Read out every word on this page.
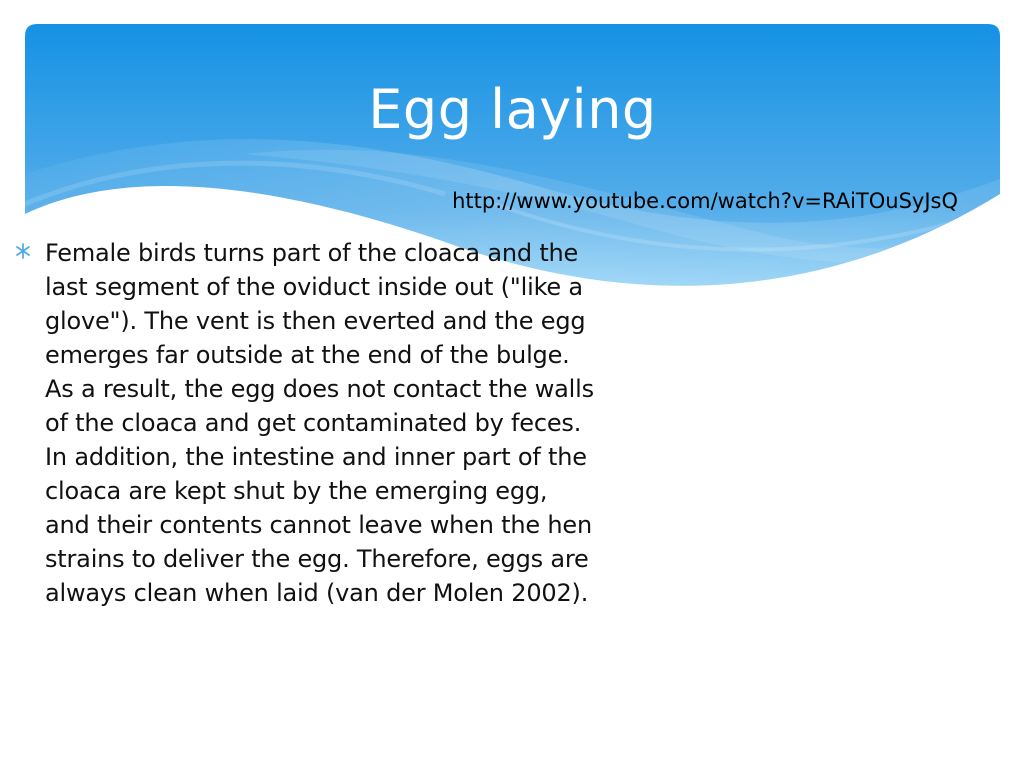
Egg laying
http://www.youtube.com/watch?v=RAiTOuSyJsQ

Female birds turns part of the cloaca and the last segment of the oviduct inside out ("like a glove"). The vent is then everted and the egg emerges far outside at the end of the bulge. As a result, the egg does not contact the walls of the cloaca and get contaminated by feces. In addition, the intestine and inner part of the cloaca are kept shut by the emerging egg, and their contents cannot leave when the hen strains to deliver the egg. Therefore, eggs are always clean when laid (van der Molen 2002).
